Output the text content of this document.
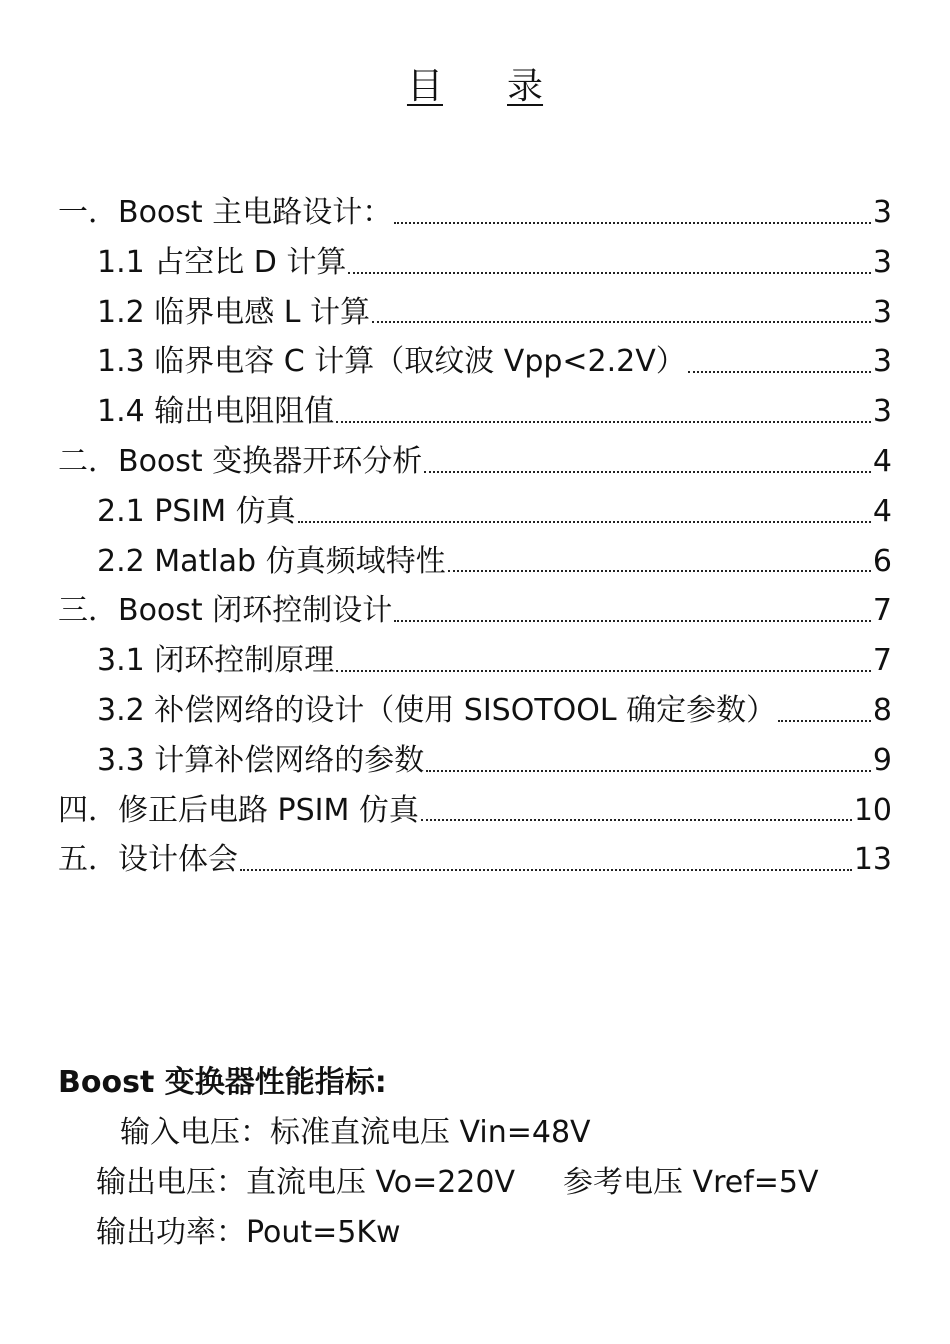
目 录
一．Boost 主电路设计：	3
1.1 占空比 D 计算	3
1.2 临界电感 L 计算	3
1.3 临界电容 C 计算（取纹波 Vpp<2.2V）	3
1.4 输出电阻阻值	3
二．Boost 变换器开环分析	4
2.1 PSIM 仿真	4
2.2 Matlab 仿真频域特性	6
三．Boost 闭环控制设计	7
3.1 闭环控制原理	7
3.2 补偿网络的设计（使用 SISOTOOL 确定参数）	8
3.3 计算补偿网络的参数	9
四．修正后电路 PSIM 仿真	10
五．设计体会	13
Boost 变换器性能指标:
输入电压：标准直流电压 Vin=48V
输出电压：直流电压 Vo=220V 参考电压 Vref=5V
输出功率：Pout=5Kw
